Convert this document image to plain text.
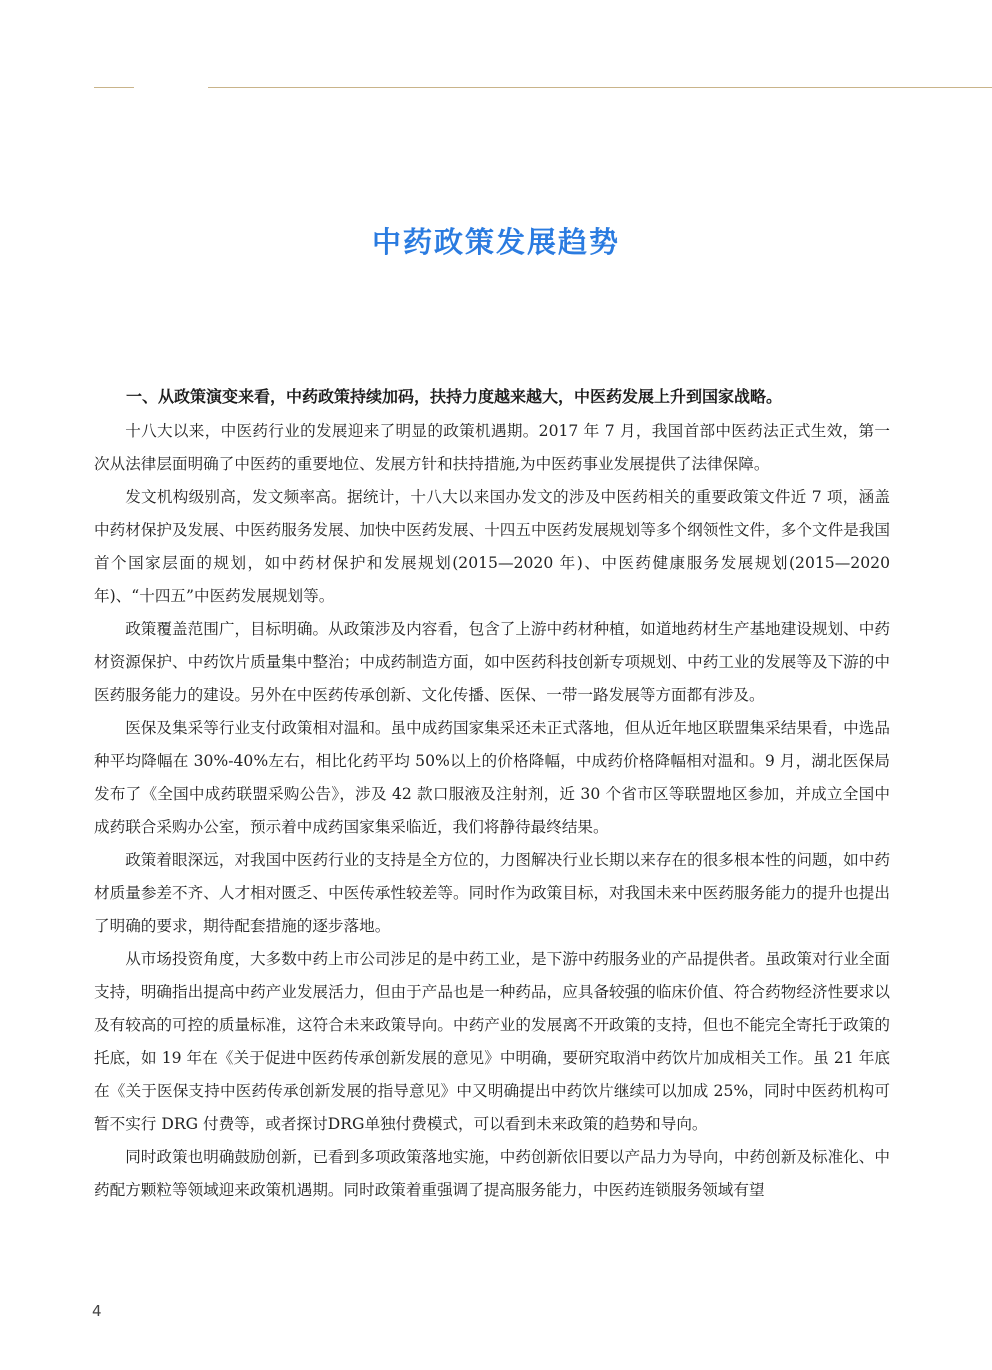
中药政策发展趋势

一、从政策演变来看，中药政策持续加码，扶持力度越来越大，中医药发展上升到国家战略。

十八大以来，中医药行业的发展迎来了明显的政策机遇期。2017 年 7 月，我国首部中医药法正式生效，第一次从法律层面明确了中医药的重要地位、发展方针和扶持措施,为中医药事业发展提供了法律保障。

发文机构级别高，发文频率高。据统计，十八大以来国办发文的涉及中医药相关的重要政策文件近 7 项，涵盖中药材保护及发展、中医药服务发展、加快中医药发展、十四五中医药发展规划等多个纲领性文件，多个文件是我国首个国家层面的规划，如中药材保护和发展规划(2015—2020 年)、中医药健康服务发展规划(2015—2020 年)、“十四五”中医药发展规划等。

政策覆盖范围广，目标明确。从政策涉及内容看，包含了上游中药材种植，如道地药材生产基地建设规划、中药材资源保护、中药饮片质量集中整治；中成药制造方面，如中医药科技创新专项规划、中药工业的发展等及下游的中医药服务能力的建设。另外在中医药传承创新、文化传播、医保、一带一路发展等方面都有涉及。

医保及集采等行业支付政策相对温和。虽中成药国家集采还未正式落地，但从近年地区联盟集采结果看，中选品种平均降幅在 30%-40%左右，相比化药平均 50%以上的价格降幅，中成药价格降幅相对温和。9 月，湖北医保局发布了《全国中成药联盟采购公告》，涉及 42 款口服液及注射剂，近 30 个省市区等联盟地区参加，并成立全国中成药联合采购办公室，预示着中成药国家集采临近，我们将静待最终结果。

政策着眼深远，对我国中医药行业的支持是全方位的，力图解决行业长期以来存在的很多根本性的问题，如中药材质量参差不齐、人才相对匮乏、中医传承性较差等。同时作为政策目标，对我国未来中医药服务能力的提升也提出了明确的要求，期待配套措施的逐步落地。

从市场投资角度，大多数中药上市公司涉足的是中药工业，是下游中药服务业的产品提供者。虽政策对行业全面支持，明确指出提高中药产业发展活力，但由于产品也是一种药品，应具备较强的临床价值、符合药物经济性要求以及有较高的可控的质量标准，这符合未来政策导向。中药产业的发展离不开政策的支持，但也不能完全寄托于政策的托底，如 19 年在《关于促进中医药传承创新发展的意见》中明确，要研究取消中药饮片加成相关工作。虽 21 年底在《关于医保支持中医药传承创新发展的指导意见》中又明确提出中药饮片继续可以加成 25%，同时中医药机构可暂不实行 DRG 付费等，或者探讨DRG单独付费模式，可以看到未来政策的趋势和导向。

同时政策也明确鼓励创新，已看到多项政策落地实施，中药创新依旧要以产品力为导向，中药创新及标准化、中药配方颗粒等领域迎来政策机遇期。同时政策着重强调了提高服务能力，中医药连锁服务领域有望

4
